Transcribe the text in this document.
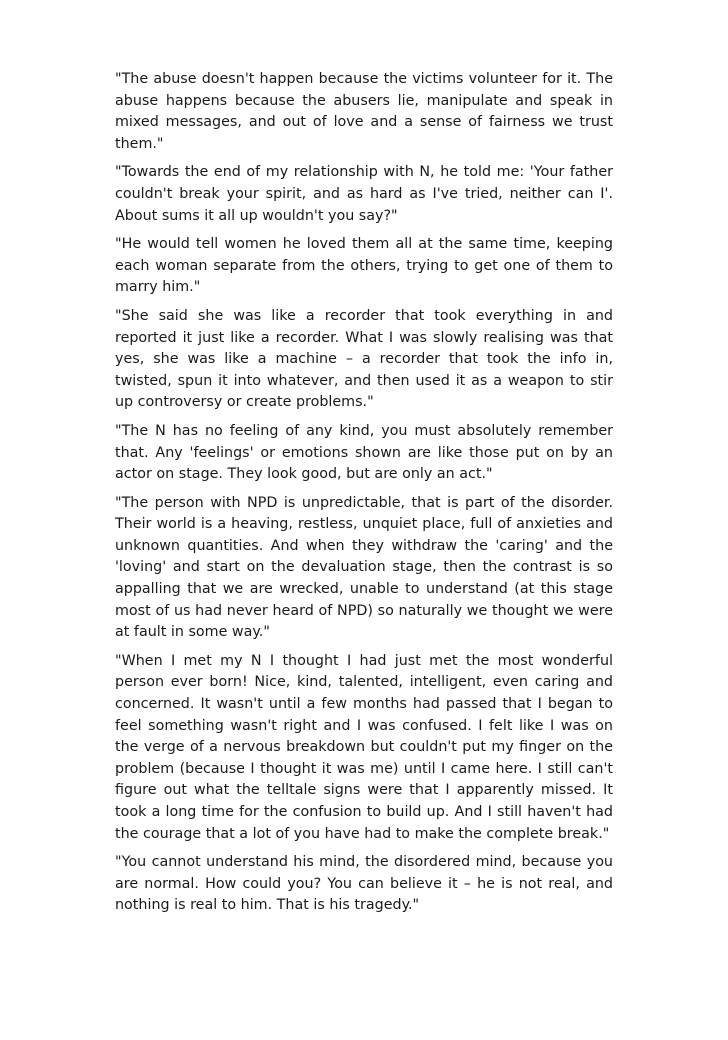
"The abuse doesn't happen because the victims volunteer for it. The abuse happens because the abusers lie, manipulate and speak in mixed messages, and out of love and a sense of fairness we trust them."

"Towards the end of my relationship with N, he told me: 'Your father couldn't break your spirit, and as hard as I've tried, neither can I'. About sums it all up wouldn't you say?"

"He would tell women he loved them all at the same time, keeping each woman separate from the others, trying to get one of them to marry him."

"She said she was like a recorder that took everything in and reported it just like a recorder. What I was slowly realising was that yes, she was like a machine – a recorder that took the info in, twisted, spun it into whatever, and then used it as a weapon to stir up controversy or create problems."

"The N has no feeling of any kind, you must absolutely remember that. Any 'feelings' or emotions shown are like those put on by an actor on stage. They look good, but are only an act."

"The person with NPD is unpredictable, that is part of the disorder. Their world is a heaving, restless, unquiet place, full of anxieties and unknown quantities. And when they withdraw the 'caring' and the 'loving' and start on the devaluation stage, then the contrast is so appalling that we are wrecked, unable to understand (at this stage most of us had never heard of NPD) so naturally we thought we were at fault in some way."

"When I met my N I thought I had just met the most wonderful person ever born! Nice, kind, talented, intelligent, even caring and concerned. It wasn't until a few months had passed that I began to feel something wasn't right and I was confused. I felt like I was on the verge of a nervous breakdown but couldn't put my finger on the problem (because I thought it was me) until I came here. I still can't figure out what the telltale signs were that I apparently missed. It took a long time for the confusion to build up. And I still haven't had the courage that a lot of you have had to make the complete break."

"You cannot understand his mind, the disordered mind, because you are normal. How could you? You can believe it – he is not real, and nothing is real to him. That is his tragedy."
